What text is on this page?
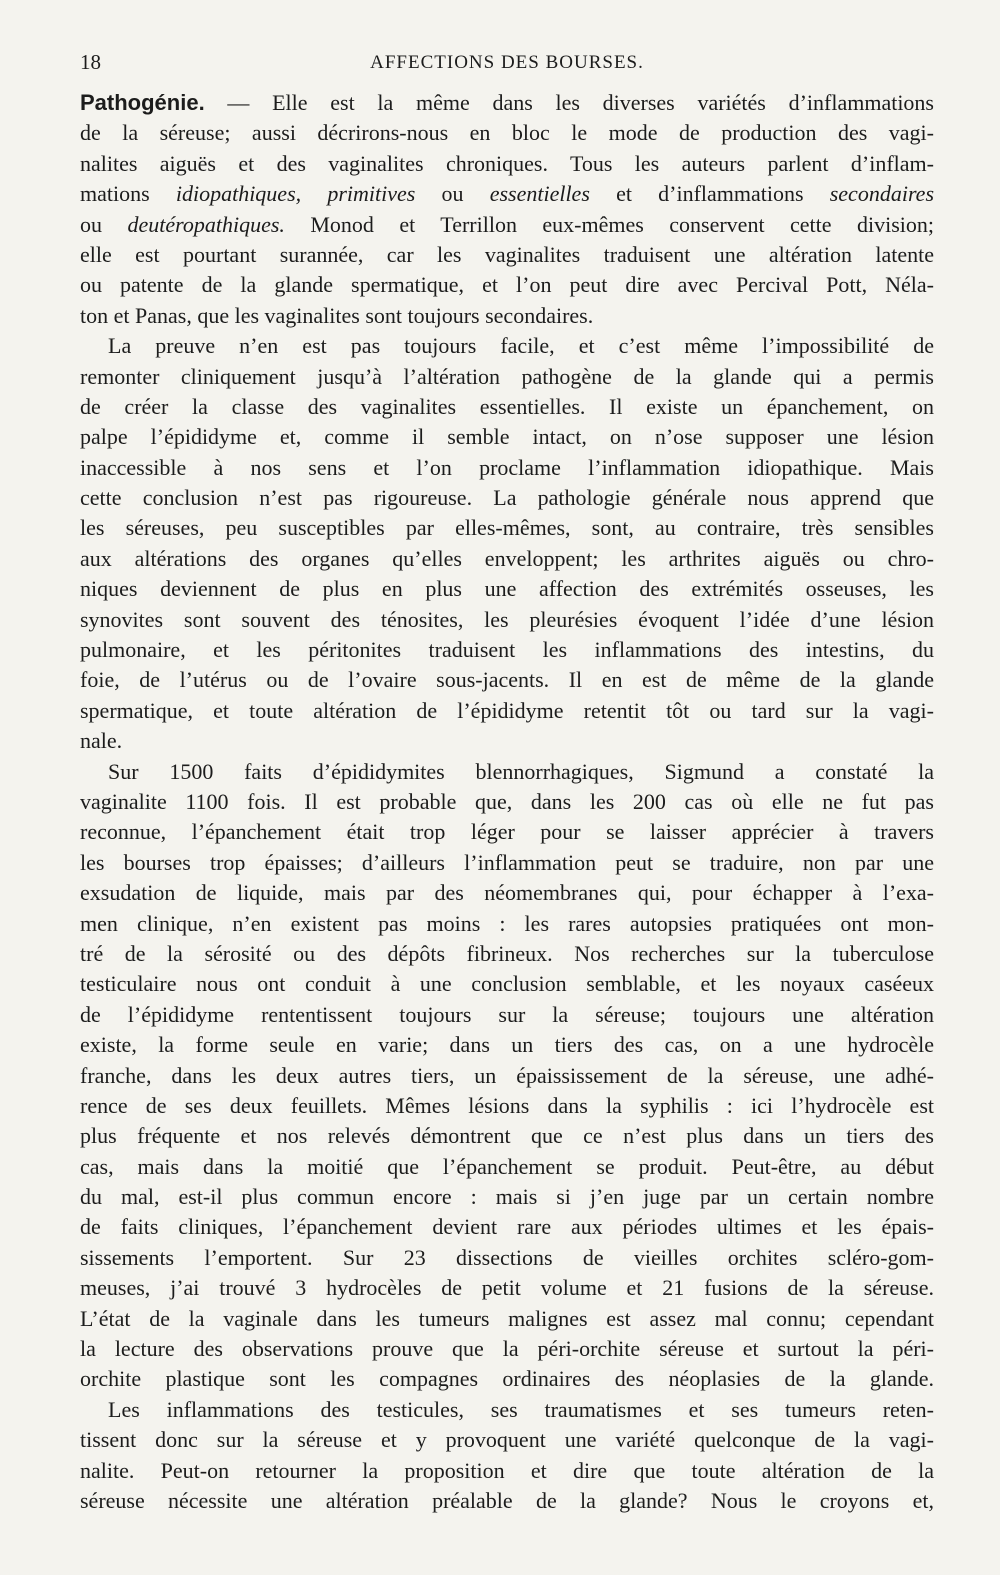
18	AFFECTIONS DES BOURSES.
Pathogénie. — Elle est la même dans les diverses variétés d’inflammations
de la séreuse; aussi décrirons-nous en bloc le mode de production des vagi-
nalites aiguës et des vaginalites chroniques. Tous les auteurs parlent d’inflam-
mations idiopathiques, primitives ou essentielles et d’inflammations secondaires
ou deutéropathiques. Monod et Terrillon eux-mêmes conservent cette division;
elle est pourtant surannée, car les vaginalites traduisent une altération latente
ou patente de la glande spermatique, et l’on peut dire avec Percival Pott, Néla-
ton et Panas, que les vaginalites sont toujours secondaires.
La preuve n’en est pas toujours facile, et c’est même l’impossibilité de
remonter cliniquement jusqu’à l’altération pathogène de la glande qui a permis
de créer la classe des vaginalites essentielles. Il existe un épanchement, on
palpe l’épididyme et, comme il semble intact, on n’ose supposer une lésion
inaccessible à nos sens et l’on proclame l’inflammation idiopathique. Mais
cette conclusion n’est pas rigoureuse. La pathologie générale nous apprend que
les séreuses, peu susceptibles par elles-mêmes, sont, au contraire, très sensibles
aux altérations des organes qu’elles enveloppent; les arthrites aiguës ou chro-
niques deviennent de plus en plus une affection des extrémités osseuses, les
synovites sont souvent des ténosites, les pleurésies évoquent l’idée d’une lésion
pulmonaire, et les péritonites traduisent les inflammations des intestins, du
foie, de l’utérus ou de l’ovaire sous-jacents. Il en est de même de la glande
spermatique, et toute altération de l’épididyme retentit tôt ou tard sur la vagi-
nale.
Sur 1500 faits d’épididymites blennorrhagiques, Sigmund a constaté la
vaginalite 1100 fois. Il est probable que, dans les 200 cas où elle ne fut pas
reconnue, l’épanchement était trop léger pour se laisser apprécier à travers
les bourses trop épaisses; d’ailleurs l’inflammation peut se traduire, non par une
exsudation de liquide, mais par des néomembranes qui, pour échapper à l’exa-
men clinique, n’en existent pas moins : les rares autopsies pratiquées ont mon-
tré de la sérosité ou des dépôts fibrineux. Nos recherches sur la tuberculose
testiculaire nous ont conduit à une conclusion semblable, et les noyaux caséeux
de l’épididyme rententissent toujours sur la séreuse; toujours une altération
existe, la forme seule en varie; dans un tiers des cas, on a une hydrocèle
franche, dans les deux autres tiers, un épaississement de la séreuse, une adhé-
rence de ses deux feuillets. Mêmes lésions dans la syphilis : ici l’hydrocèle est
plus fréquente et nos relevés démontrent que ce n’est plus dans un tiers des
cas, mais dans la moitié que l’épanchement se produit. Peut-être, au début
du mal, est-il plus commun encore : mais si j’en juge par un certain nombre
de faits cliniques, l’épanchement devient rare aux périodes ultimes et les épais-
sissements l’emportent. Sur 23 dissections de vieilles orchites scléro-gom-
meuses, j’ai trouvé 3 hydrocèles de petit volume et 21 fusions de la séreuse.
L’état de la vaginale dans les tumeurs malignes est assez mal connu; cependant
la lecture des observations prouve que la péri-orchite séreuse et surtout la péri-
orchite plastique sont les compagnes ordinaires des néoplasies de la glande.
Les inflammations des testicules, ses traumatismes et ses tumeurs reten-
tissent donc sur la séreuse et y provoquent une variété quelconque de la vagi-
nalite. Peut-on retourner la proposition et dire que toute altération de la
séreuse nécessite une altération préalable de la glande? Nous le croyons et,
